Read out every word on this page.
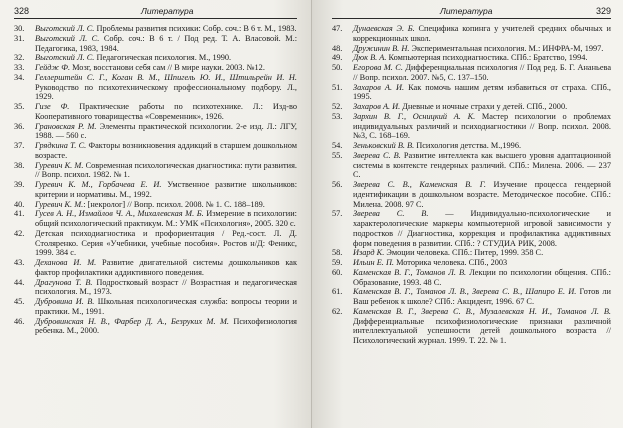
328	Литература
30.	Выготский Л. С. Проблемы развития психики: Собр. соч.: В 6 т. М., 1983.
31.	Выготский Л. С. Собр. соч.: В 6 т. / Под ред. Т. А. Власовой. М.: Педагогика, 1983, 1984.
32.	Выготский Л. С. Педагогическая психология. М., 1990.
33.	Гейдж Ф. Мозг, восстанови себя сам // В мире науки. 2003. №12.
34.	Геллерштейн С. Г., Коган В. М., Шпигель Ю. И., Штильрейн И. Н. Руководство по психотехническому профессиональному подбору. Л., 1929.
35.	Гизе Ф. Практические работы по психотехнике. Л.: Изд-во Кооперативного товарищества «Современник», 1926.
36.	Грановская Р. М. Элементы практической психологии. 2-е изд. Л.: ЛГУ, 1988. — 560 с.
37.	Грядкина Т. С. Факторы возникновения аддикций в старшем дошкольном возрасте.
38.	Гуревич К. М. Современная психологическая диагностика: пути развития. // Вопр. психол. 1982. № 1.
39.	Гуревич К. М., Горбачева Е. И. Умственное развитие школьников: критерии и нормативы. М., 1992.
40.	Гуревич К. М.: [некролог] // Вопр. психол. 2008. № 1. С. 188–189.
41.	Гусев А. Н., Измайлов Ч. А., Михалевская М. Б. Измерение в психологии: общий психологический практикум. М.: УМК «Психология», 2005. 320 с.
42.	Детская психодиагностика и профориентация / Ред.-сост. Л. Д. Столяренко. Серия «Учебники, учебные пособия». Ростов н/Д: Феникс, 1999. 384 с.
43.	Деханова И. М. Развитие двигательной системы дошкольников как фактор профилактики аддиктивного поведения.
44.	Драгунова Т. В. Подростковый возраст // Возрастная и педагогическая психология. М., 1973.
45.	Дубровина И. В. Школьная психологическая служба: вопросы теории и практики. М., 1991.
46.	Дубровинская Н. В., Фарбер Д. А., Безруких М. М. Психофизиология ребенка. М., 2000.
Литература	329
47.	Дунаевская Э. Б. Специфика копинга у учителей средних обычных и коррекционных школ.
48.	Дружинин В. Н. Экспериментальная психология. М.: ИНФРА-М, 1997.
49.	Дюк В. А. Компьютерная психодиагностика. СПб.: Братство, 1994.
50.	Егорова М. С. Дифференциальная психология // Под ред. Б. Г. Ананьева // Вопр. психол. 2007. №5, С. 137–150.
51.	Захаров А. И. Как помочь нашим детям избавиться от страха. СПб., 1995.
52.	Захаров А. И. Дневные и ночные страхи у детей. СПб., 2000.
53.	Зархин В. Г., Осницкий А. К. Мастер психологии о проблемах индивидуальных различий и психодиагностики // Вопр. психол. 2008. №3, С. 168–169.
54.	Зеньковский В. В. Психология детства. М.,1996.
55.	Зверева С. В. Развитие интеллекта как высшего уровня адаптационной системы в контексте гендерных различий. СПб.: Милена. 2006. — 237 С.
56.	Зверева С. В., Каменская В. Г. Изучение процесса гендерной идентификации в дошкольном возрасте. Методическое пособие. СПб.: Милена. 2008. 97 С.
57.	Зверева С. В. — Индивидуально-психологические и характерологические маркеры компьютерной игровой зависимости у подростков // Диагностика, коррекция и профилактика аддиктивных форм поведения в развитии. СПб.: ? СТУДИА РИК, 2008.
58.	Изард К. Эмоции человека. СПб.: Питер, 1999. 358 С.
59.	Ильин Е. П. Моторика человека. СПб., 2003
60.	Каменская В. Г., Томанов Л. В. Лекции по психологии общения. СПб.: Образование, 1993. 48 С.
61.	Каменская В. Г., Томанов Л. В., Зверева С. В., Шапиро Е. И. Готов ли Ваш ребенок к школе? СПб.: Акцидент, 1996. 67 С.
62.	Каменская В. Г., Зверева С. В., Музалевская Н. И., Томанов Л. В. Дифференциальные психофизиологические признаки различной интеллектуальной успешности детей дошкольного возраста // Психологический журнал. 1999. Т. 22. № 1.
